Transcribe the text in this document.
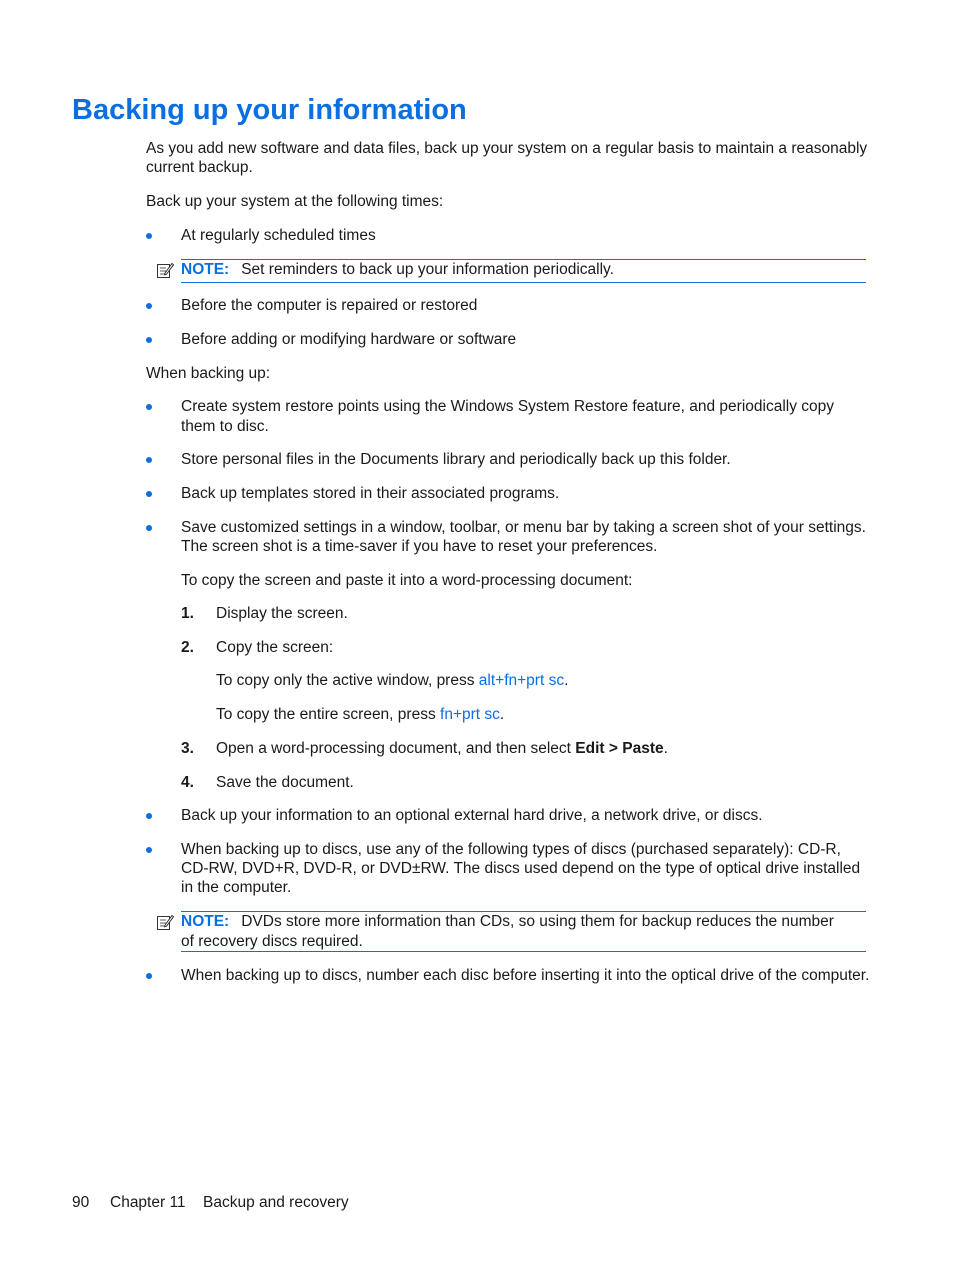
Backing up your information

As you add new software and data files, back up your system on a regular basis to maintain a reasonably

current backup.

Back up your system at the following times:

At regularly scheduled times

NOTE: Set reminders to back up your information periodically.

Before the computer is repaired or restored

Before adding or modifying hardware or software

When backing up:

Create system restore points using the Windows System Restore feature, and periodically copy

them to disc.

Store personal files in the Documents library and periodically back up this folder.

Back up templates stored in their associated programs.

Save customized settings in a window, toolbar, or menu bar by taking a screen shot of your settings.

The screen shot is a time-saver if you have to reset your preferences.

To copy the screen and paste it into a word-processing document:

1. Display the screen.

2. Copy the screen:

To copy only the active window, press alt+fn+prt sc.

To copy the entire screen, press fn+prt sc.

3. Open a word-processing document, and then select Edit > Paste.

4. Save the document.

Back up your information to an optional external hard drive, a network drive, or discs.

When backing up to discs, use any of the following types of discs (purchased separately): CD-R,

CD-RW, DVD+R, DVD-R, or DVD±RW. The discs used depend on the type of optical drive installed

in the computer.

NOTE: DVDs store more information than CDs, so using them for backup reduces the number

of recovery discs required.

When backing up to discs, number each disc before inserting it into the optical drive of the computer.

90 Chapter 11 Backup and recovery
